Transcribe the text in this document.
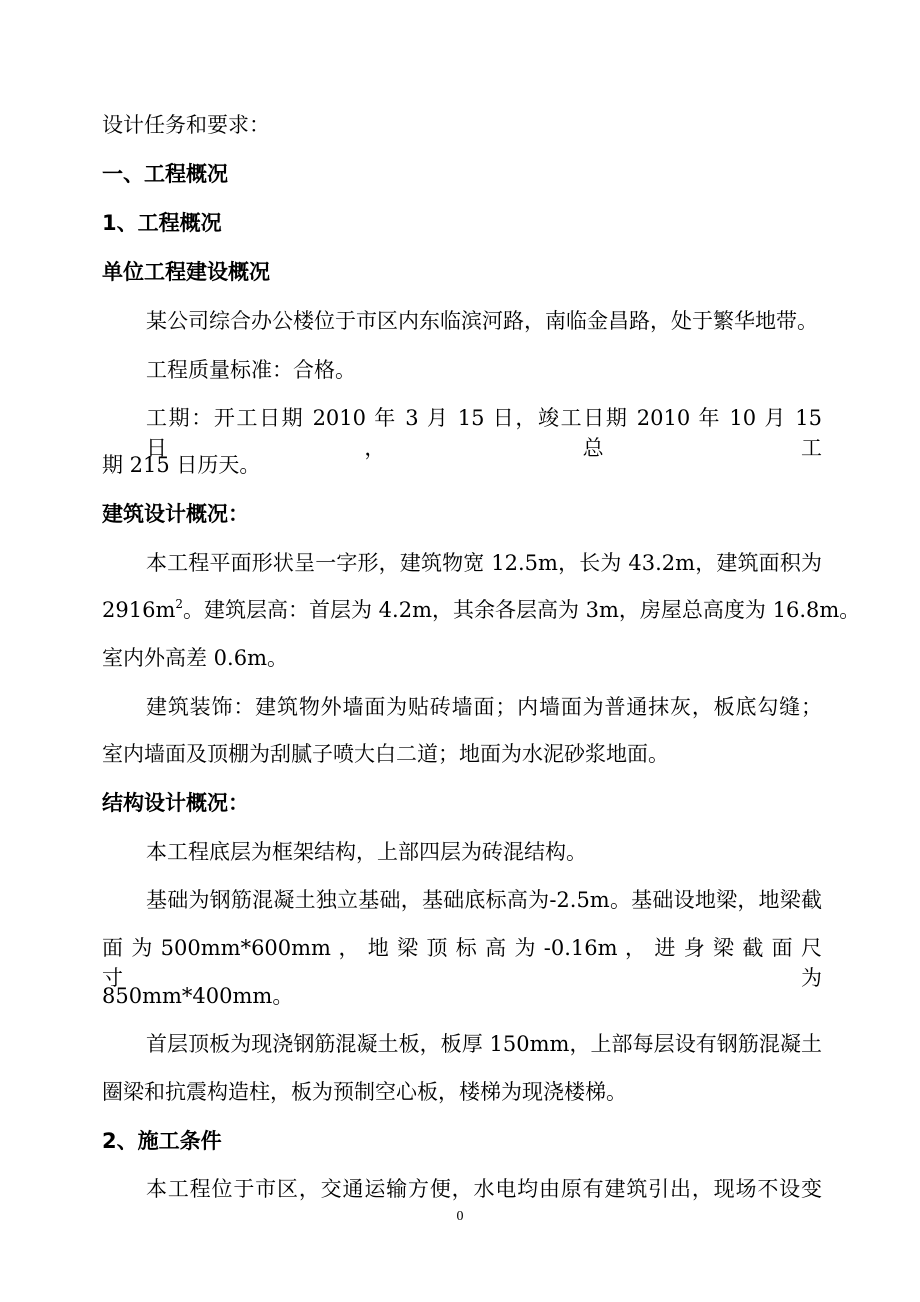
设计任务和要求：
一、工程概况
1、工程概况
单位工程建设概况
某公司综合办公楼位于市区内东临滨河路，南临金昌路，处于繁华地带。
工程质量标准：合格。
工期：开工日期 2010 年 3 月 15 日，竣工日期 2010 年 10 月 15 日，总工
期 215 日历天。
建筑设计概况：
本工程平面形状呈一字形，建筑物宽 12.5m，长为 43.2m，建筑面积为
$2916m^2$。建筑层高：首层为 4.2m，其余各层高为 3m，房屋总高度为 16.8m。
室内外高差 0.6m。
建筑装饰：建筑物外墙面为贴砖墙面；内墙面为普通抹灰，板底勾缝；
室内墙面及顶棚为刮腻子喷大白二道；地面为水泥砂浆地面。
结构设计概况：
本工程底层为框架结构，上部四层为砖混结构。
基础为钢筋混凝土独立基础，基础底标高为-2.5m。基础设地梁，地梁截
面 为 500mm*600mm ， 地 梁 顶 标 高 为 -0.16m ， 进 身 梁 截 面 尺 寸 为
850mm*400mm。
首层顶板为现浇钢筋混凝土板，板厚 150mm，上部每层设有钢筋混凝土
圈梁和抗震构造柱，板为预制空心板，楼梯为现浇楼梯。
2、施工条件
本工程位于市区，交通运输方便，水电均由原有建筑引出，现场不设变
0
